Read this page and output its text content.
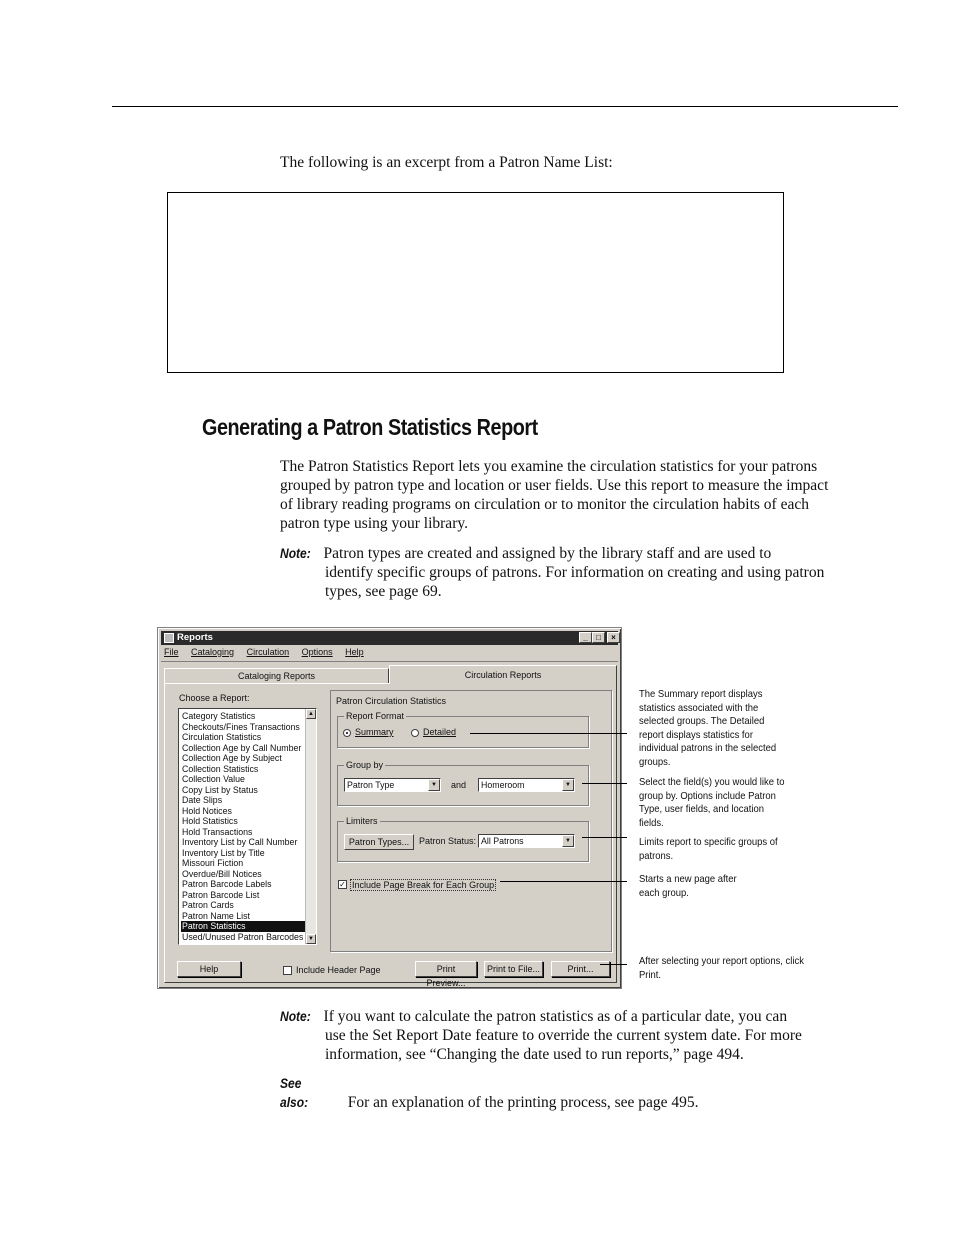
The following is an excerpt from a Patron Name List:
Generating a Patron Statistics Report
The Patron Statistics Report lets you examine the circulation statistics for your patrons grouped by patron type and location or user fields. Use this report to measure the impact of library reading programs on circulation or to monitor the circulation habits of each patron type using your library.
Note: Patron types are created and assigned by the library staff and are used to
identify specific groups of patrons. For information on creating and using patron types, see page 69.
Reports	_	□	×
File Cataloging Circulation Options Help
Cataloging Reports	Circulation Reports
Choose a Report:
Category Statistics
Checkouts/Fines Transactions
Circulation Statistics
Collection Age by Call Number
Collection Age by Subject
Collection Statistics
Collection Value
Copy List by Status
Date Slips
Hold Notices
Hold Statistics
Hold Transactions
Inventory List by Call Number
Inventory List by Title
Missouri Fiction
Overdue/Bill Notices
Patron Barcode Labels
Patron Barcode List
Patron Cards
Patron Name List
Patron Statistics
Used/Unused Patron Barcodes
▲
▼
Patron Circulation Statistics
Report Format
Summary	Detailed
Group by
Patron Type	▼	and	Homeroom	▼
Limiters
Patron Types...	Patron Status: All Patrons	▼
✓ Include Page Break for Each Group
Help	Include Header Page	Print Preview...
Print to File...	Print...
The Summary report displays statistics associated with the selected groups. The Detailed report displays statistics for individual patrons in the selected groups.
Select the field(s) you would like to group by. Options include Patron Type, user fields, and location fields.
Limits report to specific groups of patrons.
Starts a new page after each group.
After selecting your report options, click Print.
Note: If you want to calculate the patron statistics as of a particular date, you can
use the Set Report Date feature to override the current system date. For more information, see “Changing the date used to run reports,” page 494.
See also:	For an explanation of the printing process, see page 495.
